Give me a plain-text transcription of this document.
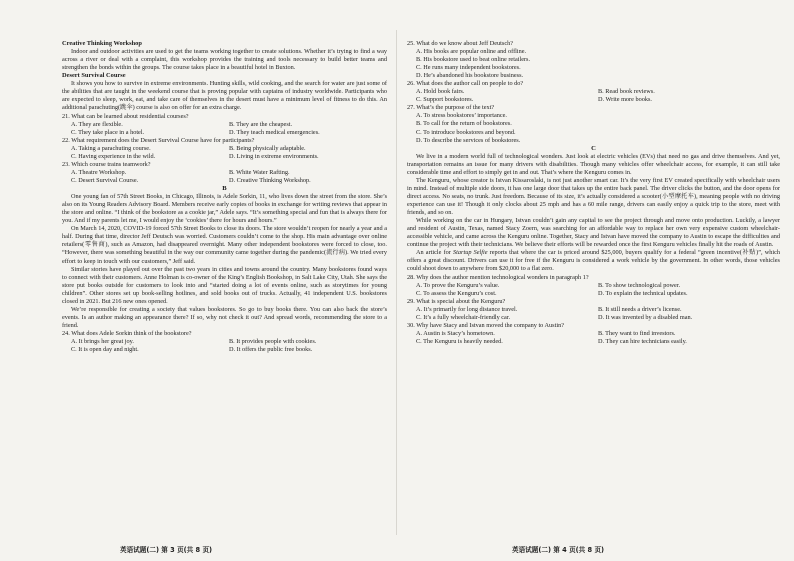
Creative Thinking Workshop

Indoor and outdoor activities are used to get the teams working together to create solutions. Whether it’s trying to find a way across a river or deal with a complaint, this workshop provides the training and tools necessary to build better teams and strengthen the bonds within the groups. The course takes place in a beautiful hotel in Buxton.

Desert Survival Course

It shows you how to survive in extreme environments. Hunting skills, wild cooking, and the search for water are just some of the abilities that are taught in the weekend course that is proving popular with captains of industry worldwide. Participants who are expected to sleep, work, eat, and take care of themselves in the desert must have a minimum level of fitness to do this. An additional parachuting(跳伞) course is also on offer for an extra charge.

21. What can be learned about residential courses?
A. They are flexible.	B. They are the cheapest.
C. They take place in a hotel.	D. They teach medical emergencies.
22. What requirement does the Desert Survival Course have for participants?
A. Taking a parachuting course.	B. Being physically adaptable.
C. Having experience in the wild.	D. Living in extreme environments.
23. Which course trains teamwork?
A. Theatre Workshop.	B. White Water Rafting.
C. Desert Survival Course.	D. Creative Thinking Workshop.
B

One young fan of 57th Street Books, in Chicago, Illinois, is Adele Sorkin, 11, who lives down the street from the store. She’s also on its Young Readers Advisory Board. Members receive early copies of books in exchange for writing reviews that appear in the store and online. “I think of the bookstore as a cookie jar,” Adele says. “It’s something special and fun that is always there for you. And if my parents let me, I would enjoy the ‘cookies’ there for hours and hours.”

On March 14, 2020, COVID-19 forced 57th Street Books to close its doors. The store wouldn’t reopen for nearly a year and a half. During that time, director Jeff Deutsch was worried. Customers couldn’t come to the shop. His main advantage over online retailers(零售商), such as Amazon, had disappeared overnight. Many other independent bookstores were forced to close, too. “However, there was something beautiful in the way our community came together during the pandemic(流行病). We tried every effort to keep in touch with our customers,” Jeff said.

Similar stories have played out over the past two years in cities and towns around the country. Many bookstores found ways to connect with their customers. Anne Holman is co-owner of the King’s English Bookshop, in Salt Lake City, Utah. She says the store put books outside for customers to look into and “started doing a lot of events online, such as storytimes for young children”. Other stores set up book-selling hotlines, and sold books out of trucks. Actually, 41 independent U.S. bookstores closed in 2021. But 216 new ones opened.

We’re responsible for creating a society that values bookstores. So go to buy books there. You can also back the store’s events. Is an author making an appearance there? If so, why not check it out? And spread words, recommending the store to a friend.

24. What does Adele Sorkin think of the bookstore?
A. It brings her great joy.	B. It provides people with cookies.
C. It is open day and night.	D. It offers the public free books.
英语试题(二) 第 3 页(共 8 页)
25. What do we know about Jeff Deutsch?
A. His books are popular online and offline.
B. His bookstore used to beat online retailers.
C. He runs many independent bookstores.
D. He’s abandoned his bookstore business.
26. What does the author call on people to do?
A. Hold book fairs.	B. Read book reviews.
C. Support bookstores.	D. Write more books.
27. What’s the purpose of the text?
A. To stress bookstores’ importance.
B. To call for the return of bookstores.
C. To introduce bookstores and beyond.
D. To describe the services of bookstores.
C

We live in a modern world full of technological wonders. Just look at electric vehicles (EVs) that need no gas and drive themselves. And yet, transportation remains an issue for many drivers with disabilities. Though many vehicles offer wheelchair access, for example, it can still take considerable time and effort to simply get in and out. That’s where the Kenguru comes in.

The Kenguru, whose creator is Istvan Kissaroslaki, is not just another smart car. It’s the very first EV created specifically with wheelchair users in mind. Instead of multiple side doors, it has one large door that takes up the entire back panel. The driver clicks the button, and the door opens for direct access. No seats, no trunk. Just freedom. Because of its size, it’s actually considered a scooter(小型摩托车), meaning people with no driving experience can use it! Though it only clocks about 25 mph and has a 60 mile range, drivers can easily enjoy a quick trip to the store, meet with friends, and so on.

While working on the car in Hungary, Istvan couldn’t gain any capital to see the project through and move onto production. Luckily, a lawyer and resident of Austin, Texas, named Stacy Zoern, was searching for an affordable way to replace her own very expensive custom wheelchair-accessible vehicle, and came across the Kenguru online. Together, Stacy and Istvan have moved the company to Austin to escape the difficulties and continue the project with their technicians. We believe their efforts will be rewarded once the first Kenguru vehicles finally hit the roads of Austin.

An article for Startup Selfie reports that where the car is priced around $25,000, buyers qualify for a federal “green incentive(补贴)”, which offers a great discount. Drivers can use it for free if the Kenguru is considered a work vehicle by the government. In other words, those vehicles could shoot down to anywhere from $20,000 to a flat zero.

28. Why does the author mention technological wonders in paragraph 1?
A. To prove the Kenguru’s value.	B. To show technological power.
C. To assess the Kenguru’s cost.	D. To explain the technical updates.
29. What is special about the Kenguru?
A. It’s primarily for long distance travel.	B. It still needs a driver’s license.
C. It’s a fully wheelchair-friendly car.	D. It was invented by a disabled man.
30. Why have Stacy and Istvan moved the company to Austin?
A. Austin is Stacy’s hometown.	B. They want to find investors.
C. The Kenguru is heavily needed.	D. They can hire technicians easily.
英语试题(二) 第 4 页(共 8 页)
